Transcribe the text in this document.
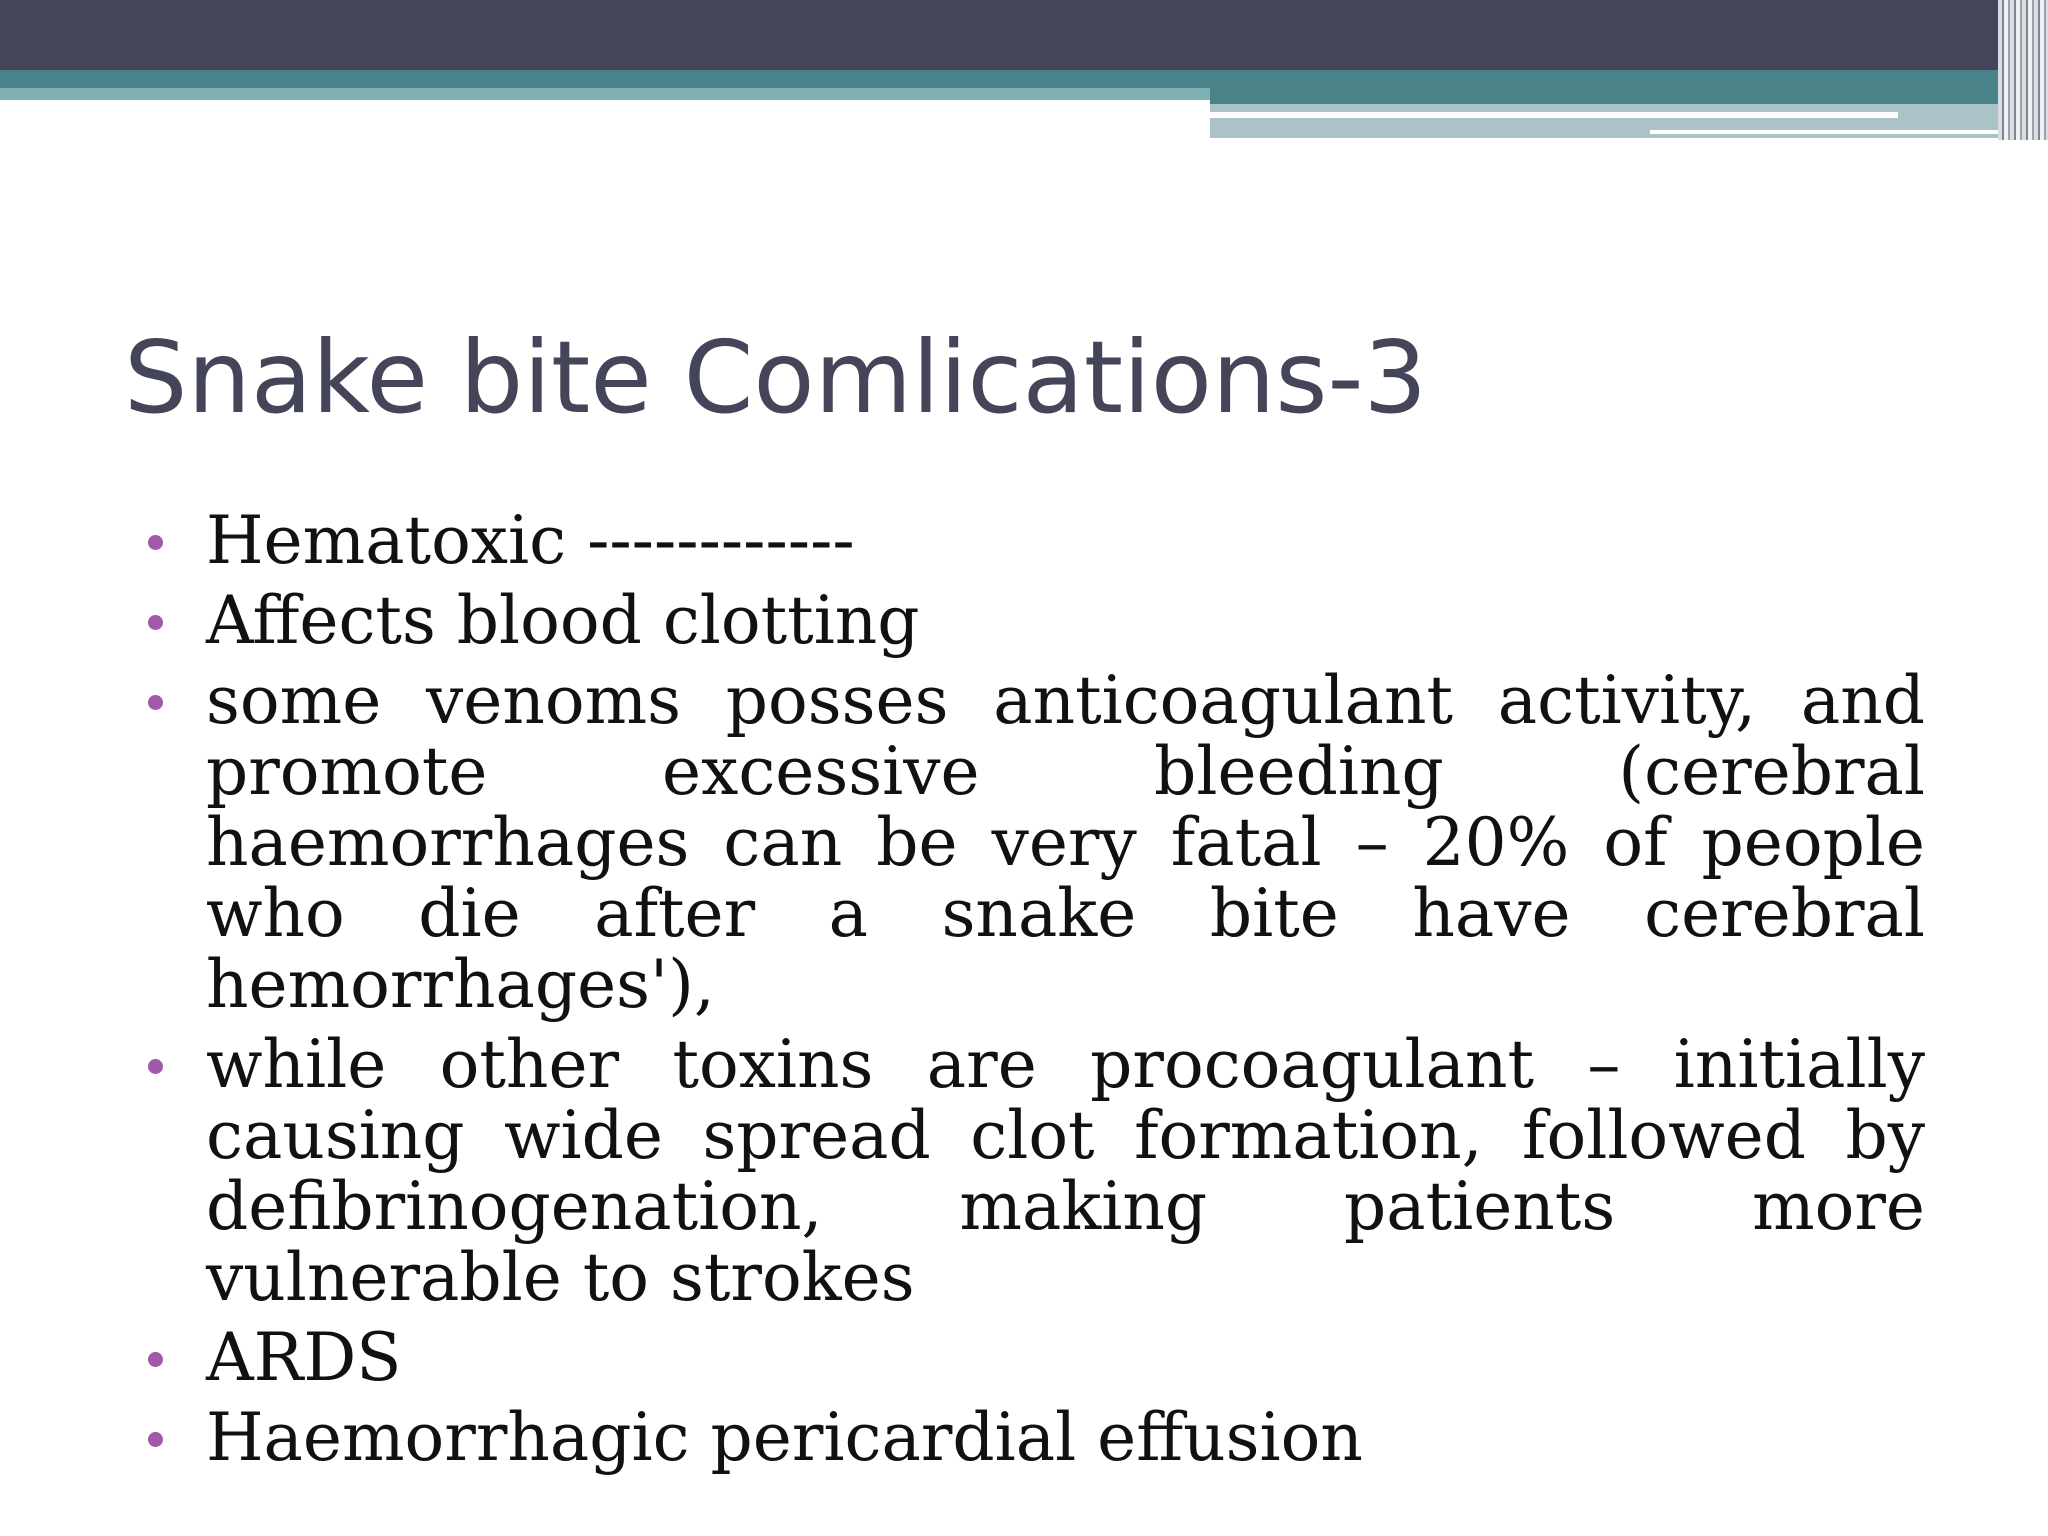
Snake bite Comlications-3
Hematoxic ------------
Affects blood clotting
some venoms posses anticoagulant activity, and promote excessive bleeding (cerebral haemorrhages can be very fatal – 20% of people who die after a snake bite have cerebral hemorrhages'),
while other toxins are procoagulant – initially causing wide spread clot formation, followed by defibrinogenation, making patients more vulnerable to strokes
ARDS
Haemorrhagic pericardial effusion
